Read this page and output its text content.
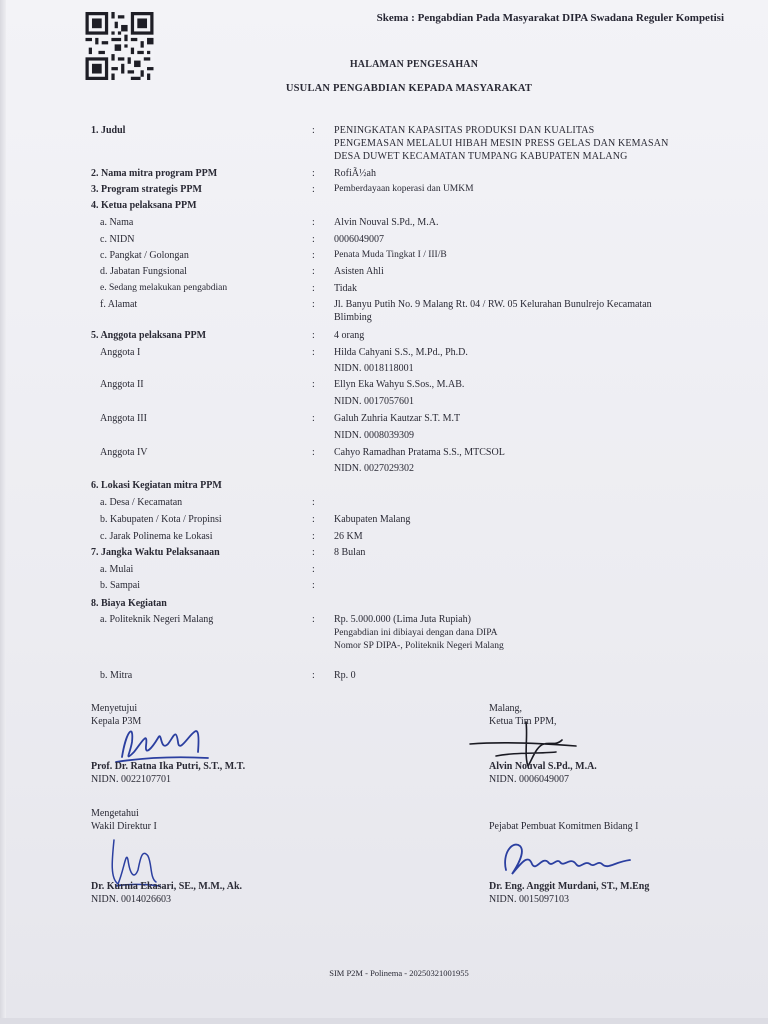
Skema : Pengabdian Pada Masyarakat DIPA Swadana Reguler Kompetisi
HALAMAN PENGESAHAN
USULAN PENGABDIAN KEPADA MASYARAKAT
1. Judul	: PENINGKATAN KAPASITAS PRODUKSI DAN KUALITAS
PENGEMASAN MELALUI HIBAH MESIN PRESS GELAS DAN KEMASAN
DESA DUWET KECAMATAN TUMPANG KABUPATEN MALANG
2. Nama mitra program PPM	: RofiÃ½ah
3. Program strategis PPM	: Pemberdayaan koperasi dan UMKM
4. Ketua pelaksana PPM
a. Nama	: Alvin Nouval S.Pd., M.A.
c. NIDN	: 0006049007
c. Pangkat / Golongan	: Penata Muda Tingkat I / III/B
d. Jabatan Fungsional	: Asisten Ahli
e. Sedang melakukan pengabdian	: Tidak
f. Alamat	: Jl. Banyu Putih No. 9 Malang Rt. 04 / RW. 05 Kelurahan Bunulrejo Kecamatan
Blimbing
5. Anggota pelaksana PPM	: 4 orang
Anggota I	: Hilda Cahyani S.S., M.Pd., Ph.D.
NIDN. 0018118001
Anggota II	: Ellyn Eka Wahyu S.Sos., M.AB.
NIDN. 0017057601
Anggota III	: Galuh Zuhria Kautzar S.T. M.T
NIDN. 0008039309
Anggota IV	: Cahyo Ramadhan Pratama S.S., MTCSOL
NIDN. 0027029302
6. Lokasi Kegiatan mitra PPM
a. Desa / Kecamatan	:
b. Kabupaten / Kota / Propinsi	: Kabupaten Malang
c. Jarak Polinema ke Lokasi	: 26 KM
7. Jangka Waktu Pelaksanaan	: 8 Bulan
a. Mulai	:
b. Sampai	:
8. Biaya Kegiatan
a. Politeknik Negeri Malang	: Rp. 5.000.000 (Lima Juta Rupiah)
Pengabdian ini dibiayai dengan dana DIPA
Nomor SP DIPA-, Politeknik Negeri Malang
b. Mitra	: Rp. 0
Menyetujui
Kepala P3M
Prof. Dr. Ratna Ika Putri, S.T., M.T.
NIDN. 0022107701
Malang,
Ketua Tim PPM,
Alvin Nouval S.Pd., M.A.
NIDN. 0006049007
Mengetahui
Wakil Direktur I
Dr. Kurnia Ekasari, SE., M.M., Ak.
NIDN. 0014026603
Pejabat Pembuat Komitmen Bidang I
Dr. Eng. Anggit Murdani, ST., M.Eng
NIDN. 0015097103
SIM P2M - Polinema - 20250321001955
